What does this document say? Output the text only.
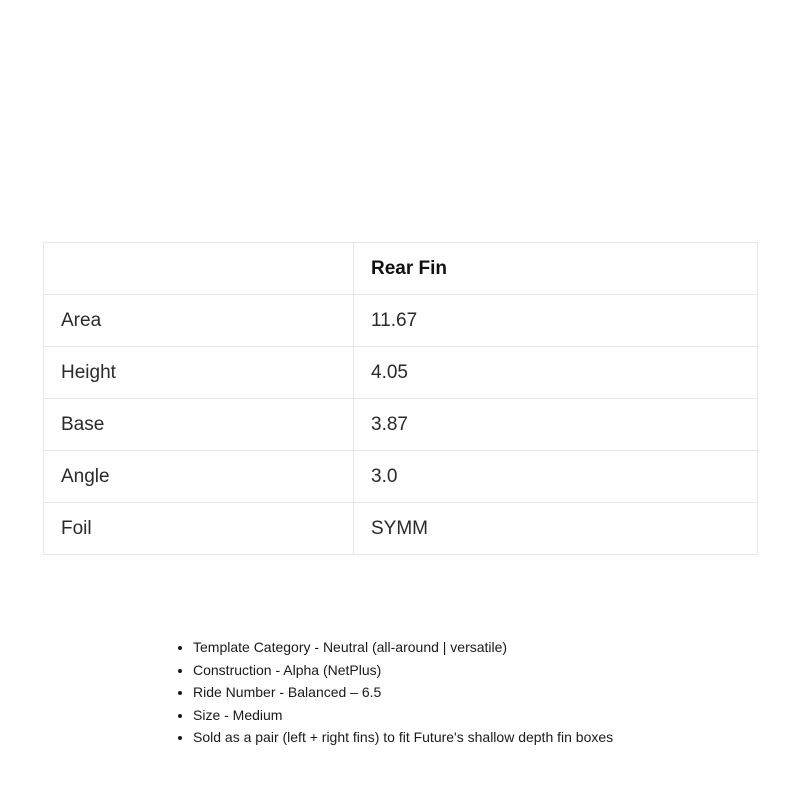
	Rear Fin
Area	11.67
Height	4.05
Base	3.87
Angle	3.0
Foil	SYMM
• Template Category - Neutral (all-around | versatile)
• Construction - Alpha (NetPlus)
• Ride Number - Balanced – 6.5
• Size - Medium
• Sold as a pair (left + right fins) to fit Future's shallow depth fin boxes
